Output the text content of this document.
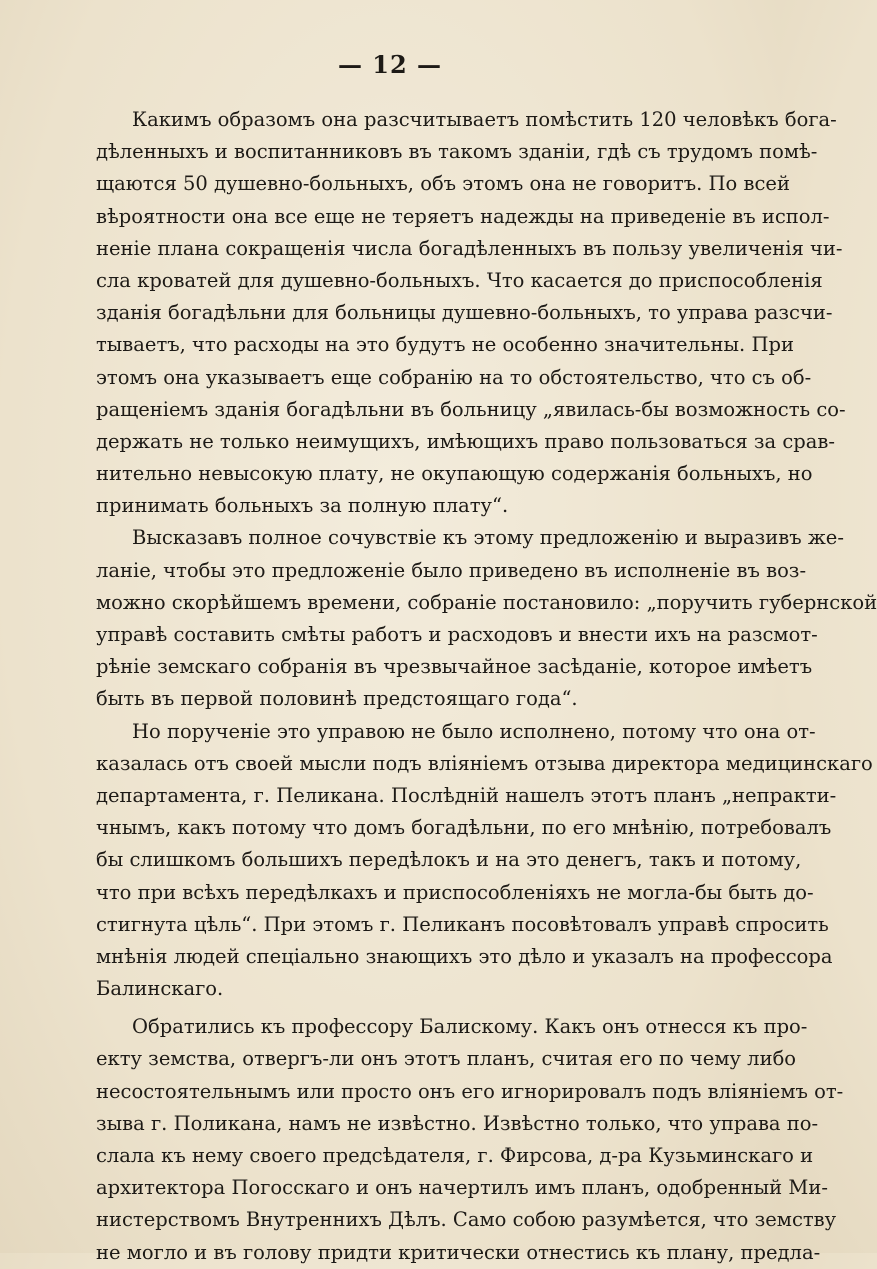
— 12 —
Какимъ образомъ она разсчитываетъ помѣстить 120 человѣкъ бога-
дѣленныхъ и воспитанниковъ въ такомъ зданіи, гдѣ съ трудомъ помѣ-
щаются 50 душевно-больныхъ, объ этомъ она не говоритъ. По всей
вѣроятности она все еще не теряетъ надежды на приведеніе въ испол-
неніе плана сокращенія числа богадѣленныхъ въ пользу увеличенія чи-
сла кроватей для душевно-больныхъ. Что касается до приспособленія
зданія богадѣльни для больницы душевно-больныхъ, то управа разсчи-
тываетъ, что расходы на это будутъ не особенно значительны. При
этомъ она указываетъ еще собранію на то обстоятельство, что съ об-
ращеніемъ зданія богадѣльни въ больницу „явилась-бы возможность со-
держать не только неимущихъ, имѣющихъ право пользоваться за срав-
нительно невысокую плату, не окупающую содержанія больныхъ, но
принимать больныхъ за полную плату“.
Высказавъ полное сочувствіе къ этому предложенію и выразивъ же-
ланіе, чтобы это предложеніе было приведено въ исполненіе въ воз-
можно скорѣйшемъ времени, собраніе постановило: „поручить губернской
управѣ составить смѣты работъ и расходовъ и внести ихъ на разсмот-
рѣніе земскаго собранія въ чрезвычайное засѣданіе, которое имѣетъ
быть въ первой половинѣ предстоящаго года“.
Но порученіе это управою не было исполнено, потому что она от-
казалась отъ своей мысли подъ вліяніемъ отзыва директора медицинскаго
департамента, г. Пеликана. Послѣдній нашелъ этотъ планъ „непракти-
чнымъ, какъ потому что домъ богадѣльни, по его мнѣнію, потребовалъ
бы слишкомъ большихъ передѣлокъ и на это денегъ, такъ и потому,
что при всѣхъ передѣлкахъ и приспособленіяхъ не могла-бы быть до-
стигнута цѣль“. При этомъ г. Пеликанъ посовѣтовалъ управѣ спросить
мнѣнія людей спеціально знающихъ это дѣло и указалъ на профессора
Балинскаго.
Обратились къ профессору Балискому. Какъ онъ отнесся къ про-
екту земства, отвергъ-ли онъ этотъ планъ, считая его по чему либо
несостоятельнымъ или просто онъ его игнорировалъ подъ вліяніемъ от-
зыва г. Поликана, намъ не извѣстно. Извѣстно только, что управа по-
слала къ нему своего предсѣдателя, г. Фирсова, д-ра Кузьминскаго и
архитектора Погосскаго и онъ начертилъ имъ планъ, одобренный Ми-
нистерствомъ Внутреннихъ Дѣлъ. Само собою разумѣется, что земству
не могло и въ голову придти критически отнестись къ плану, предла-
